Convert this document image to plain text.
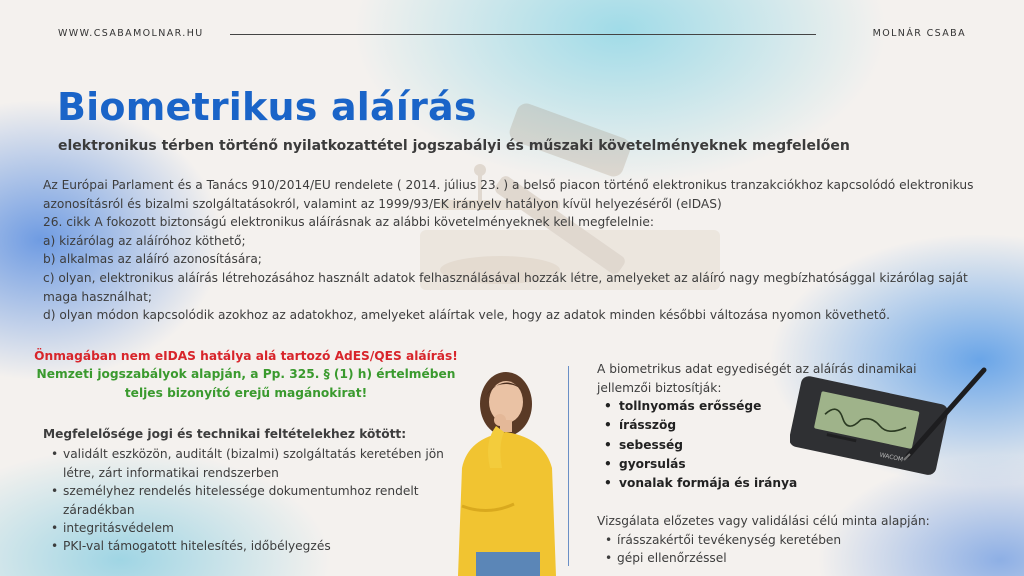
WWW.CSABAMOLNAR.HU	MOLNÁR CSABA
Biometrikus aláírás
elektronikus térben történő nyilatkozattétel jogszabályi és műszaki követelményeknek megfelelően

Az Európai Parlament és a Tanács 910/2014/EU rendelete ( 2014. július 23. ) a belső piacon történő elektronikus tranzakciókhoz kapcsolódó elektronikus azonosításról és bizalmi szolgáltatásokról, valamint az 1999/93/EK irányelv hatályon kívül helyezéséről (eIDAS)

26. cikk A fokozott biztonságú elektronikus aláírásnak az alábbi követelményeknek kell megfelelnie:

a) kizárólag az aláíróhoz köthető;

b) alkalmas az aláíró azonosítására;

c) olyan, elektronikus aláírás létrehozásához használt adatok felhasználásával hozzák létre, amelyeket az aláíró nagy megbízhatósággal kizárólag saját maga használhat;

d) olyan módon kapcsolódik azokhoz az adatokhoz, amelyeket aláírtak vele, hogy az adatok minden későbbi változása nyomon követhető.

Önmagában nem eIDAS hatálya alá tartozó AdES/QES aláírás!
Nemzeti jogszabályok alapján, a Pp. 325. § (1) h) értelmében
teljes bizonyító erejű magánokirat!
Megfelelősége jogi és technikai feltételekhez kötött:
• validált eszközön, auditált (bizalmi) szolgáltatás keretében jön létre, zárt informatikai rendszerben
• személyhez rendelés hitelessége dokumentumhoz rendelt záradékban
• integritásvédelem
• PKI-val támogatott hitelesítés, időbélyegzés
A biometrikus adat egyediségét az aláírás dinamikai jellemzői biztosítják:
• tollnyomás erőssége
• írásszög
• sebesség
• gyorsulás
• vonalak formája és iránya
WACOM
Vizsgálata előzetes vagy validálási célú minta alapján:
• írásszakértői tevékenység keretében
• gépi ellenőrzéssel
